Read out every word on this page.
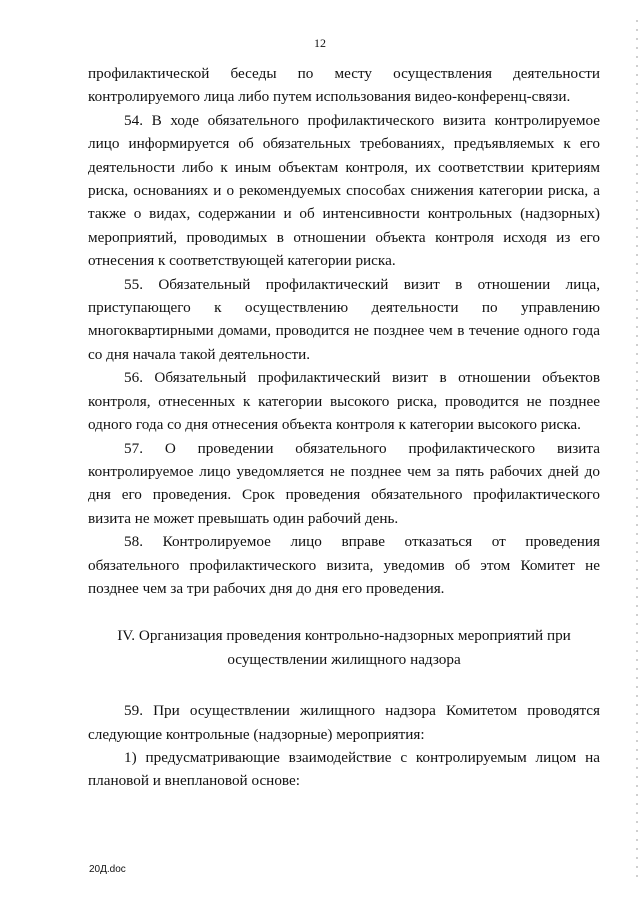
12

профилактической беседы по месту осуществления деятельности контролируемого лица либо путем использования видео-конференц-связи.

54. В ходе обязательного профилактического визита контролируемое лицо информируется об обязательных требованиях, предъявляемых к его деятельности либо к иным объектам контроля, их соответствии критериям риска, основаниях и о рекомендуемых способах снижения категории риска, а также о видах, содержании и об интенсивности контрольных (надзорных) мероприятий, проводимых в отношении объекта контроля исходя из его отнесения к соответствующей категории риска.

55. Обязательный профилактический визит в отношении лица, приступающего к осуществлению деятельности по управлению многоквартирными домами, проводится не позднее чем в течение одного года со дня начала такой деятельности.

56. Обязательный профилактический визит в отношении объектов контроля, отнесенных к категории высокого риска, проводится не позднее одного года со дня отнесения объекта контроля к категории высокого риска.

57. О проведении обязательного профилактического визита контролируемое лицо уведомляется не позднее чем за пять рабочих дней до дня его проведения. Срок проведения обязательного профилактического визита не может превышать один рабочий день.

58. Контролируемое лицо вправе отказаться от проведения обязательного профилактического визита, уведомив об этом Комитет не позднее чем за три рабочих дня до дня его проведения.

IV. Организация проведения контрольно-надзорных мероприятий при
осуществлении жилищного надзора

59. При осуществлении жилищного надзора Комитетом проводятся следующие контрольные (надзорные) мероприятия:

1) предусматривающие взаимодействие с контролируемым лицом на плановой и внеплановой основе:

20Д.doc
